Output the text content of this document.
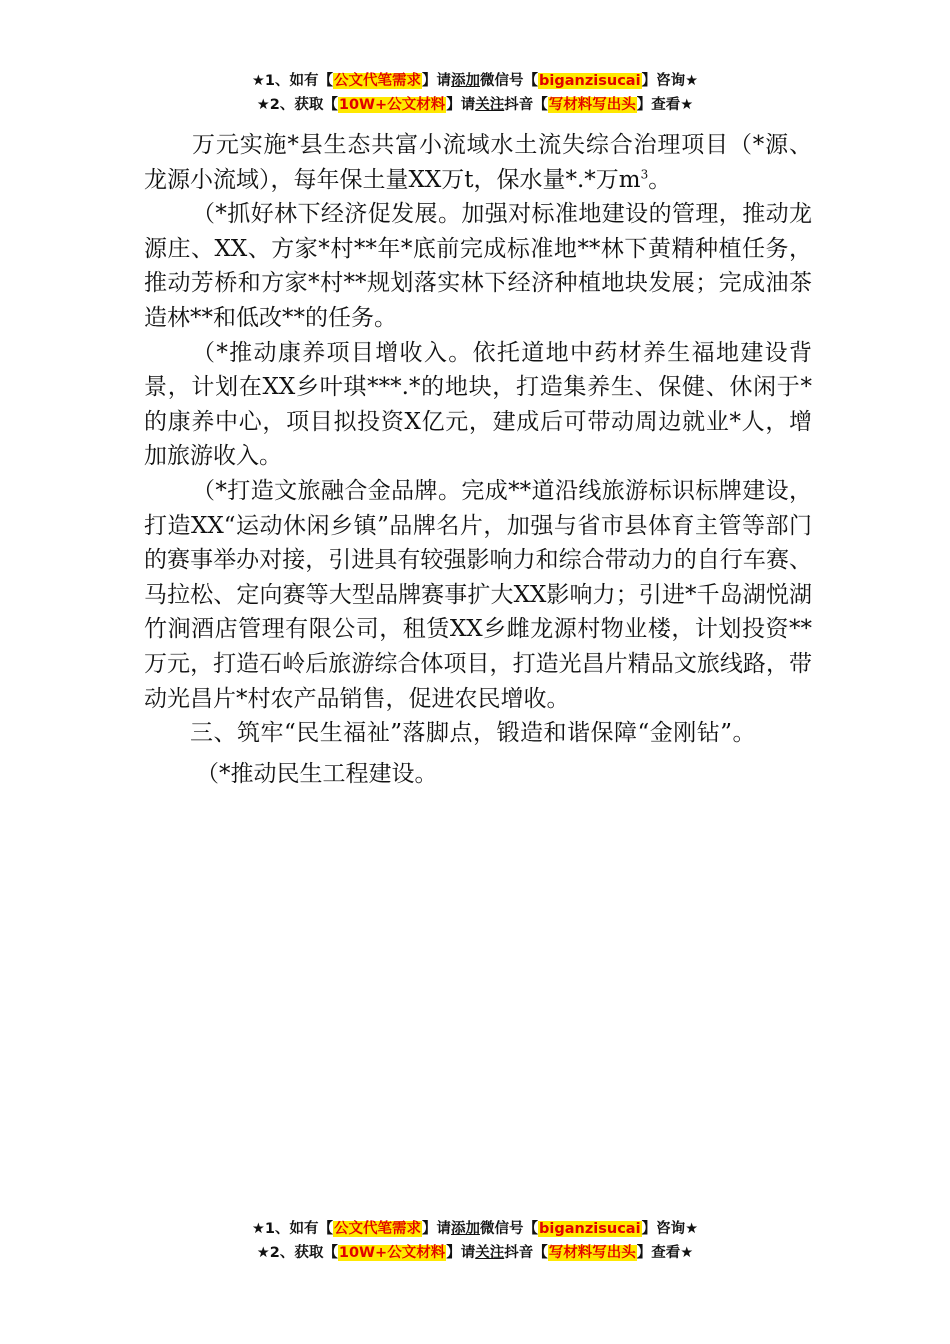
★1、如有【公文代笔需求】请添加微信号【biganzisucai】咨询★
★2、获取【10W+公文材料】请关注抖音【写材料写出头】查看★

万元实施*县生态共富小流域水土流失综合治理项目（*源、龙源小流域），每年保土量XX万t，保水量*.*万$m^3$。

（*抓好林下经济促发展。加强对标准地建设的管理，推动龙源庄、XX、方家*村**年*底前完成标准地**林下黄精种植任务，推动芳桥和方家*村**规划落实林下经济种植地块发展；完成油茶造林**和低改**的任务。

（*推动康养项目增收入。依托道地中药材养生福地建设背景，计划在XX乡叶琪***.*的地块，打造集养生、保健、休闲于*的康养中心，项目拟投资X亿元，建成后可带动周边就业*人，增加旅游收入。

（*打造文旅融合金品牌。完成**道沿线旅游标识标牌建设，打造XX“运动休闲乡镇”品牌名片，加强与省市县体育主管等部门的赛事举办对接，引进具有较强影响力和综合带动力的自行车赛、马拉松、定向赛等大型品牌赛事扩大XX影响力；引进*千岛湖悦湖竹涧酒店管理有限公司，租赁XX乡雌龙源村物业楼，计划投资**万元，打造石岭后旅游综合体项目，打造光昌片精品文旅线路，带动光昌片*村农产品销售，促进农民增收。

三、筑牢“民生福祉”落脚点，锻造和谐保障“金刚钻”。

（*推动民生工程建设。

★1、如有【公文代笔需求】请添加微信号【biganzisucai】咨询★
★2、获取【10W+公文材料】请关注抖音【写材料写出头】查看★
